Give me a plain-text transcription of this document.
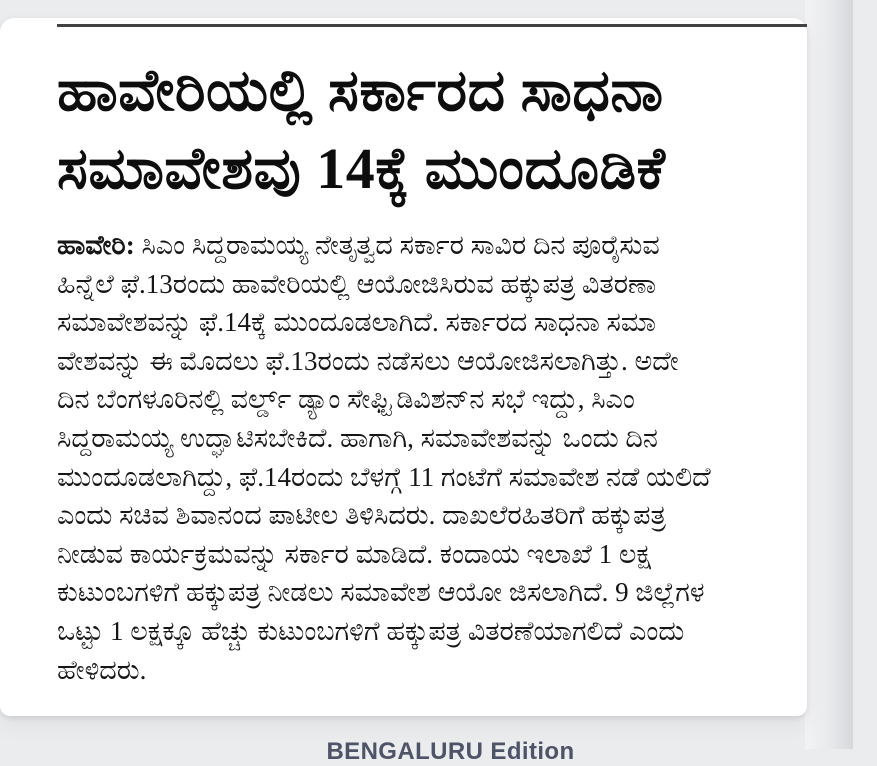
ಹಾವೇರಿಯಲ್ಲಿ ಸರ್ಕಾರದ ಸಾಧನಾ
ಸಮಾವೇಶವು 14ಕ್ಕೆ ಮುಂದೂಡಿಕೆ
ಹಾವೇರಿ: ಸಿಎಂ ಸಿದ್ದರಾಮಯ್ಯ ನೇತೃತ್ವದ ಸರ್ಕಾರ ಸಾವಿರ ದಿನ ಪೂರೈಸುವ
ಹಿನ್ನೆಲೆ ಫೆ.13ರಂದು ಹಾವೇರಿಯಲ್ಲಿ ಆಯೋಜಿಸಿರುವ ಹಕ್ಕುಪತ್ರ ವಿತರಣಾ
ಸಮಾವೇಶವನ್ನು ಫೆ.14ಕ್ಕೆ ಮುಂದೂಡಲಾಗಿದೆ. ಸರ್ಕಾರದ ಸಾಧನಾ ಸಮಾ
ವೇಶವನ್ನು ಈ ಮೊದಲು ಫೆ.13ರಂದು ನಡೆಸಲು ಆಯೋಜಿಸಲಾಗಿತ್ತು. ಅದೇ
ದಿನ ಬೆಂಗಳೂರಿನಲ್ಲಿ ವರ್ಲ್ಡ್ ಡ್ಯಾಂ ಸೇಫ್ಟಿ ಡಿವಿಶನ್‌ನ ಸಭೆ ಇದ್ದು, ಸಿಎಂ
ಸಿದ್ದರಾಮಯ್ಯ ಉದ್ಘಾಟಿಸಬೇಕಿದೆ. ಹಾಗಾಗಿ, ಸಮಾವೇಶವನ್ನು ಒಂದು ದಿನ
ಮುಂದೂಡಲಾಗಿದ್ದು, ಫೆ.14ರಂದು ಬೆಳಗ್ಗೆ 11 ಗಂಟೆಗೆ ಸಮಾವೇಶ ನಡೆ ಯಲಿದೆ
ಎಂದು ಸಚಿವ ಶಿವಾನಂದ ಪಾಟೀಲ ತಿಳಿಸಿದರು. ದಾಖಲೆರಹಿತರಿಗೆ ಹಕ್ಕುಪತ್ರ
ನೀಡುವ ಕಾರ್ಯಕ್ರಮವನ್ನು ಸರ್ಕಾರ ಮಾಡಿದೆ. ಕಂದಾಯ ಇಲಾಖೆ 1 ಲಕ್ಷ
ಕುಟುಂಬಗಳಿಗೆ ಹಕ್ಕುಪತ್ರ ನೀಡಲು ಸಮಾವೇಶ ಆಯೋ ಜಿಸಲಾಗಿದೆ. 9 ಜಿಲ್ಲೆಗಳ
ಒಟ್ಟು 1 ಲಕ್ಷಕ್ಕೂ ಹೆಚ್ಚು ಕುಟುಂಬಗಳಿಗೆ ಹಕ್ಕುಪತ್ರ ವಿತರಣೆಯಾಗಲಿದೆ ಎಂದು
ಹೇಳಿದರು.
BENGALURU Edition
